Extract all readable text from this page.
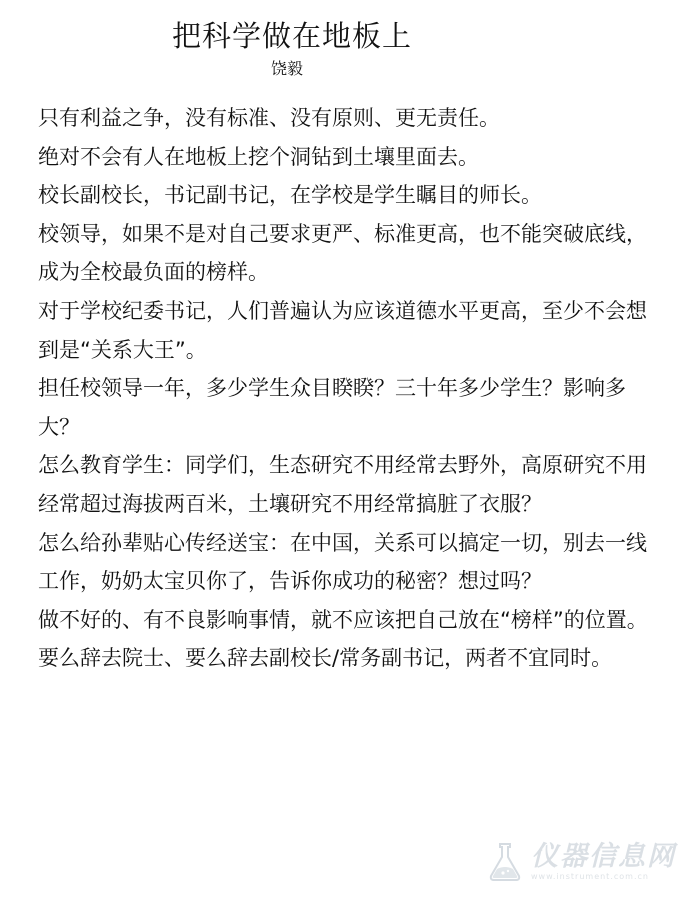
把科学做在地板上
饶毅

只有利益之争，没有标准、没有原则、更无责任。

绝对不会有人在地板上挖个洞钻到土壤里面去。

校长副校长，书记副书记，在学校是学生瞩目的师长。

校领导，如果不是对自己要求更严、标准更高，也不能突破底线，成为全校最负面的榜样。

对于学校纪委书记，人们普遍认为应该道德水平更高，至少不会想到是“关系大王”。

担任校领导一年，多少学生众目睽睽？三十年多少学生？影响多大？

怎么教育学生：同学们，生态研究不用经常去野外，高原研究不用经常超过海拔两百米，土壤研究不用经常搞脏了衣服？

怎么给孙辈贴心传经送宝：在中国，关系可以搞定一切，别去一线工作，奶奶太宝贝你了，告诉你成功的秘密？想过吗？

做不好的、有不良影响事情，就不应该把自己放在“榜样”的位置。

要么辞去院士、要么辞去副校长/常务副书记，两者不宜同时。

仪器信息网
www.instrument.com.cn
